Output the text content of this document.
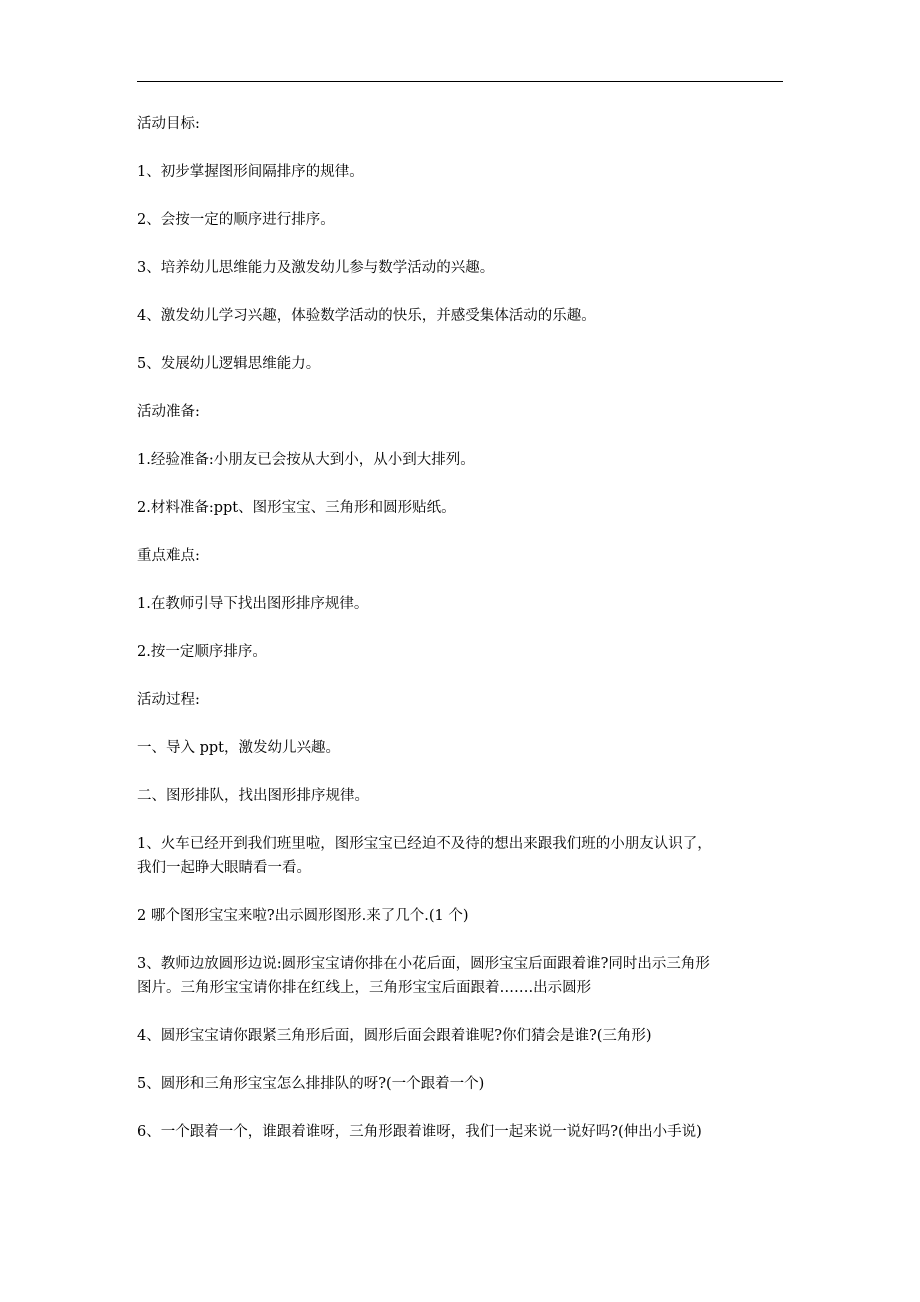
活动目标:

1、初步掌握图形间隔排序的规律。

2、会按一定的顺序进行排序。

3、培养幼儿思维能力及激发幼儿参与数学活动的兴趣。

4、激发幼儿学习兴趣，体验数学活动的快乐，并感受集体活动的乐趣。

5、发展幼儿逻辑思维能力。

活动准备:

1.经验准备:小朋友已会按从大到小，从小到大排列。

2.材料准备:ppt、图形宝宝、三角形和圆形贴纸。

重点难点:

1.在教师引导下找出图形排序规律。

2.按一定顺序排序。

活动过程:

一、导入 ppt，激发幼儿兴趣。

二、图形排队，找出图形排序规律。

1、火车已经开到我们班里啦，图形宝宝已经迫不及待的想出来跟我们班的小朋友认识了，
我们一起睁大眼睛看一看。

2 哪个图形宝宝来啦?出示圆形图形.来了几个.(1 个)

3、教师边放圆形边说:圆形宝宝请你排在小花后面，圆形宝宝后面跟着谁?同时出示三角形
图片。三角形宝宝请你排在红线上，三角形宝宝后面跟着…….出示圆形

4、圆形宝宝请你跟紧三角形后面，圆形后面会跟着谁呢?你们猜会是谁?(三角形)

5、圆形和三角形宝宝怎么排排队的呀?(一个跟着一个)

6、一个跟着一个，谁跟着谁呀，三角形跟着谁呀，我们一起来说一说好吗?(伸出小手说)
